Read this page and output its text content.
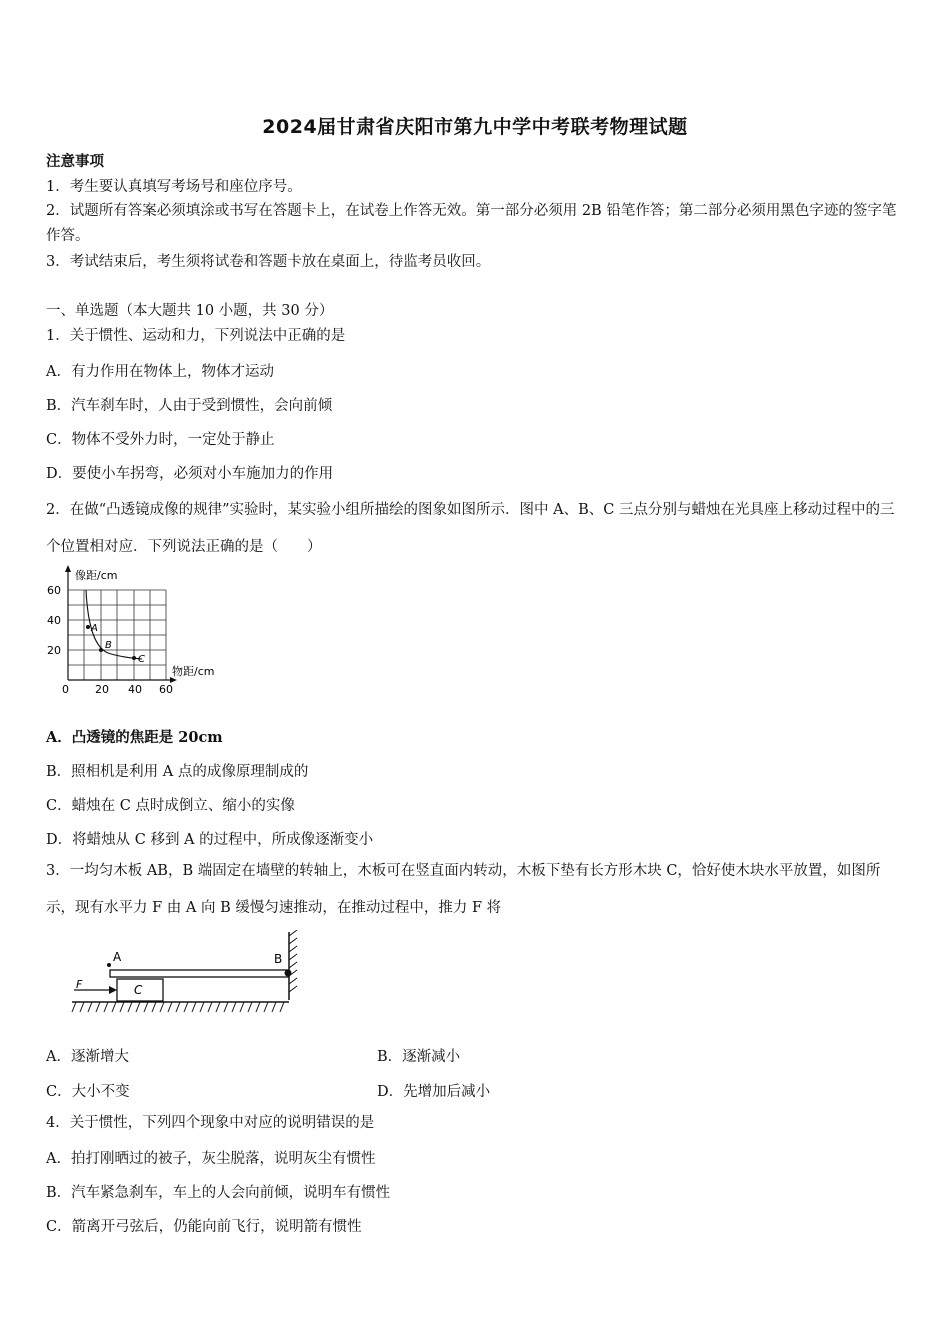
2024届甘肃省庆阳市第九中学中考联考物理试题
注意事项
1．考生要认真填写考场号和座位序号。
2．试题所有答案必须填涂或书写在答题卡上，在试卷上作答无效。第一部分必须用 2B 铅笔作答；第二部分必须用黑色字迹的签字笔作答。
3．考试结束后，考生须将试卷和答题卡放在桌面上，待监考员收回。
一、单选题（本大题共 10 小题，共 30 分）
1．关于惯性、运动和力，下列说法中正确的是
A．有力作用在物体上，物体才运动
B．汽车刹车时，人由于受到惯性，会向前倾
C．物体不受外力时，一定处于静止
D．要使小车拐弯，必须对小车施加力的作用
2．在做“凸透镜成像的规律”实验时，某实验小组所描绘的图象如图所示．图中 A、B、C 三点分别与蜡烛在光具座上移动过程中的三个位置相对应．下列说法正确的是（　　）
A
B
C
像距/cm
物距/cm
60
40
20
0 20 40 60
A．凸透镜的焦距是 20cm
B．照相机是利用 A 点的成像原理制成的
C．蜡烛在 C 点时成倒立、缩小的实像
D．将蜡烛从 C 移到 A 的过程中，所成像逐渐变小
3．一均匀木板 AB，B 端固定在墙壁的转轴上，木板可在竖直面内转动，木板下垫有长方形木块 C，恰好使木块水平放置，如图所示，现有水平力 F 由 A 向 B 缓慢匀速推动，在推动过程中，推力 F 将
A	B
C
F
A．逐渐增大	B．逐渐减小
C．大小不变	D．先增加后减小
4．关于惯性，下列四个现象中对应的说明错误的是
A．拍打刚晒过的被子，灰尘脱落，说明灰尘有惯性
B．汽车紧急刹车，车上的人会向前倾，说明车有惯性
C．箭离开弓弦后，仍能向前飞行，说明箭有惯性
